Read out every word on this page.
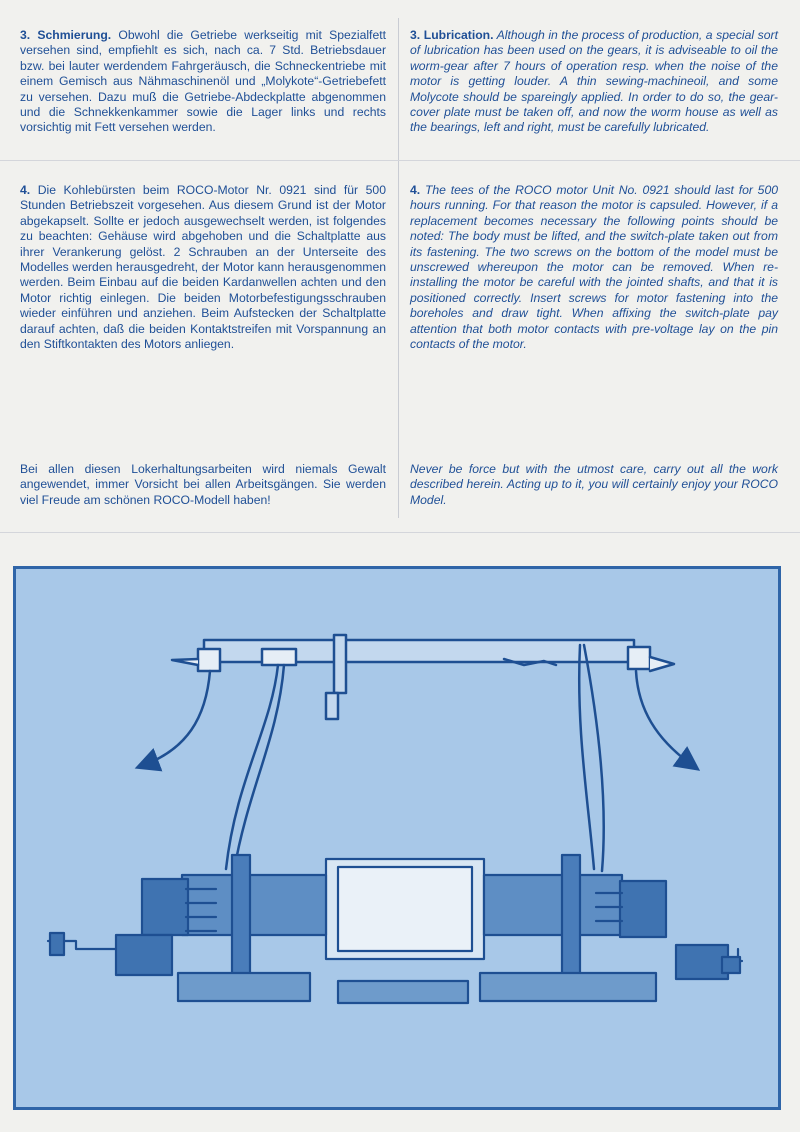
3. Schmierung. Obwohl die Getriebe werkseitig mit Spezialfett versehen sind, empfiehlt es sich, nach ca. 7 Std. Betriebsdauer bzw. bei lauter werdendem Fahrgeräusch, die Schneckentriebe mit einem Gemisch aus Nähmaschinenöl und „Molykote“-Getriebefett zu versehen. Dazu muß die Getriebe-Abdeckplatte abgenommen und die Schnekkenkammer sowie die Lager links und rechts vorsichtig mit Fett versehen werden.

4. Die Kohlebürsten beim ROCO-Motor Nr. 0921 sind für 500 Stunden Betriebszeit vorgesehen. Aus diesem Grund ist der Motor abgekapselt. Sollte er jedoch ausgewechselt werden, ist folgendes zu beachten: Gehäuse wird abgehoben und die Schaltplatte aus ihrer Verankerung gelöst. 2 Schrauben an der Unterseite des Modelles werden herausgedreht, der Motor kann herausgenommen werden. Beim Einbau auf die beiden Kardanwellen achten und den Motor richtig einlegen. Die beiden Motorbefestigungsschrauben wieder einführen und anziehen. Beim Aufstecken der Schaltplatte darauf achten, daß die beiden Kontaktstreifen mit Vorspannung an den Stiftkontakten des Motors anliegen.

Bei allen diesen Lokerhaltungsarbeiten wird niemals Gewalt angewendet, immer Vorsicht bei allen Arbeitsgängen. Sie werden viel Freude am schönen ROCO-Modell haben!

3. Lubrication. Although in the process of production, a special sort of lubrication has been used on the gears, it is adviseable to oil the worm-gear after 7 hours of operation resp. when the noise of the motor is getting louder. A thin sewing-machineoil, and some Molycote should be spareingly applied. In order to do so, the gear-cover plate must be taken off, and now the worm house as well as the bearings, left and right, must be carefully lubricated.

4. The tees of the ROCO motor Unit No. 0921 should last for 500 hours running. For that reason the motor is capsuled. However, if a replacement becomes necessary the following points should be noted: The body must be lifted, and the switch-plate taken out from its fastening. The two screws on the bottom of the model must be unscrewed whereupon the motor can be removed. When re-installing the motor be careful with the jointed shafts, and that it is positioned correctly. Insert screws for motor fastening into the boreholes and draw tight. When affixing the switch-plate pay attention that both motor contacts with pre-voltage lay on the pin contacts of the motor.

Never be force but with the utmost care, carry out all the work described herein. Acting up to it, you will certainly enjoy your ROCO Model.
